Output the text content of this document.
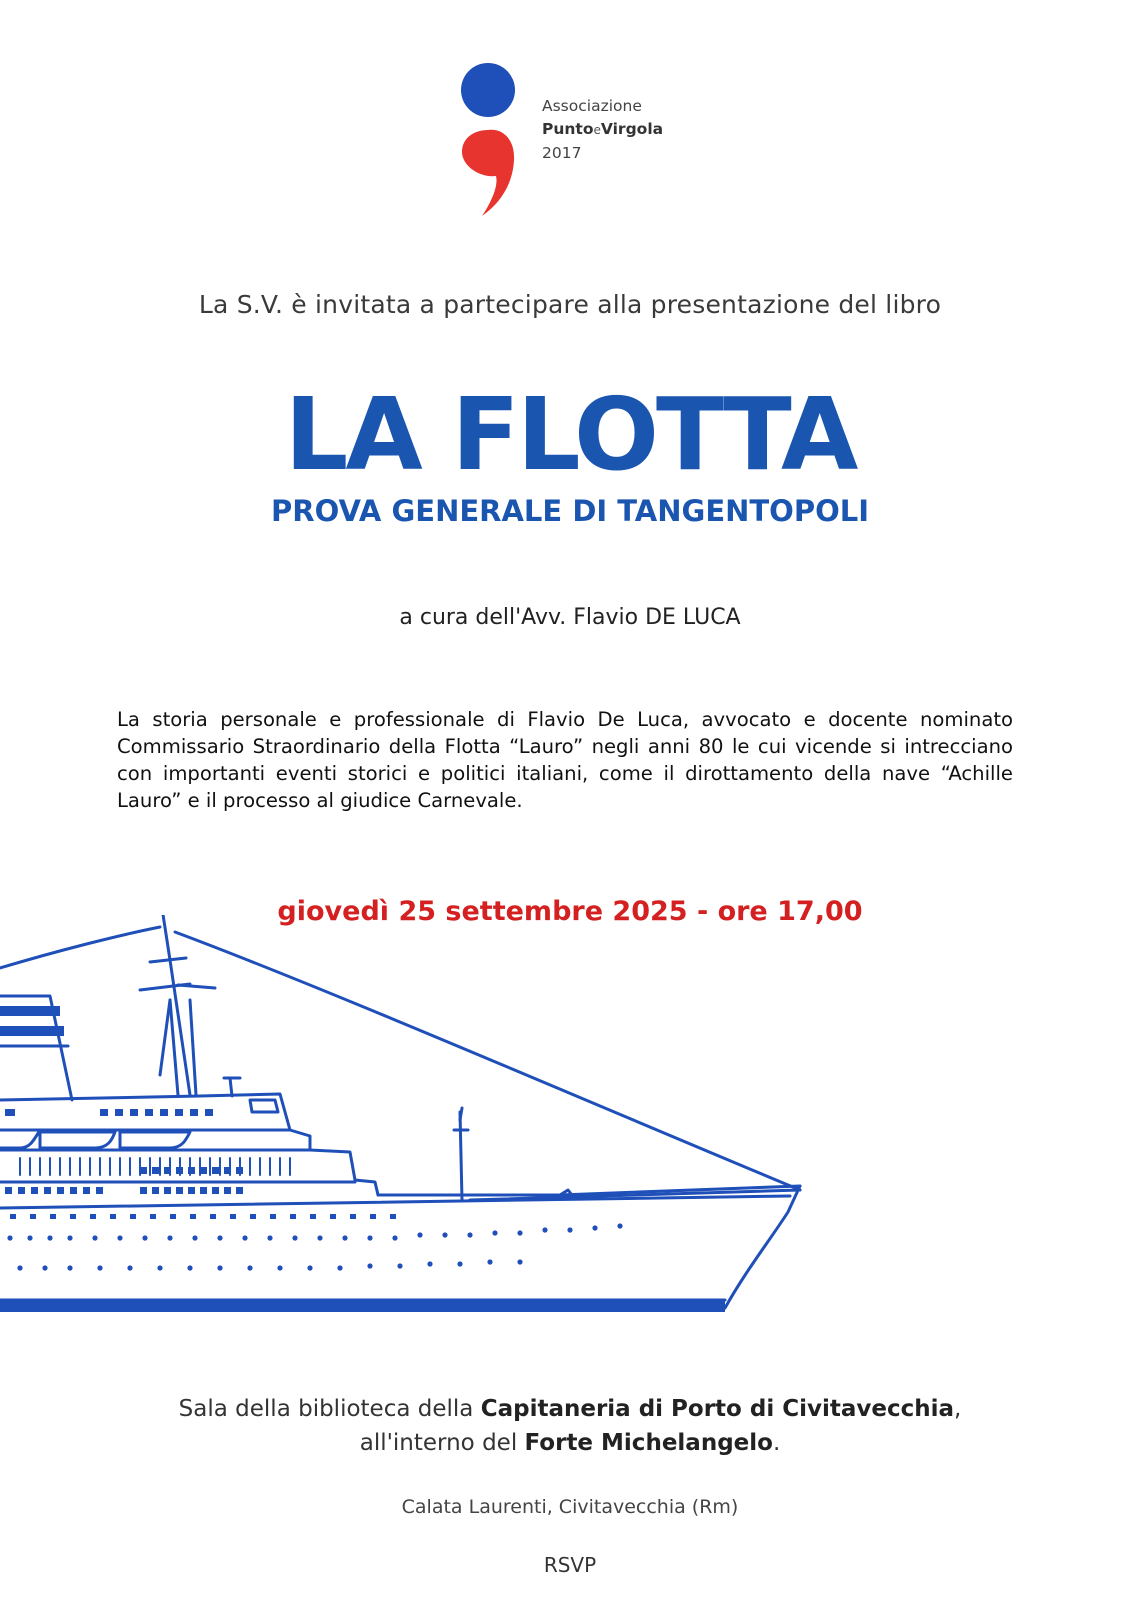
Associazione
PuntoeVirgola
2017
La S.V. è invitata a partecipare alla presentazione del libro
LA FLOTTA
PROVA GENERALE DI TANGENTOPOLI
a cura dell'Avv. Flavio DE LUCA
La storia personale e professionale di Flavio De Luca, avvocato e docente nominato Commissario Straordinario della Flotta “Lauro” negli anni 80 le cui vicende si intrecciano con importanti eventi storici e politici italiani, come il dirottamento della nave “Achille Lauro” e il processo al giudice Carnevale.
giovedì 25 settembre 2025 - ore 17,00
Sala della biblioteca della Capitaneria di Porto di Civitavecchia,
all'interno del Forte Michelangelo.
Calata Laurenti, Civitavecchia (Rm)
RSVP
